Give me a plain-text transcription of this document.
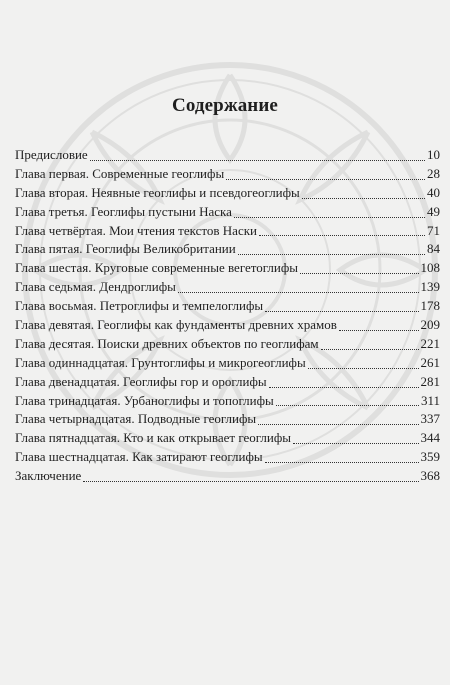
Содержание
Предисловие	10
Глава первая. Современные геоглифы	28
Глава вторая. Неявные геоглифы и псевдогеоглифы	40
Глава третья. Геоглифы пустыни Наска	49
Глава четвёртая. Мои чтения текстов Наски	71
Глава пятая. Геоглифы Великобритании	84
Глава шестая. Круговые современные вегетоглифы	108
Глава седьмая. Дендроглифы	139
Глава восьмая. Петроглифы и темпелоглифы	178
Глава девятая. Геоглифы как фундаменты древних храмов	209
Глава десятая. Поиски древних объектов по геоглифам	221
Глава одиннадцатая. Грунтоглифы и микрогеоглифы	261
Глава двенадцатая. Геоглифы гор и ороглифы	281
Глава тринадцатая. Урбаноглифы и топоглифы	311
Глава четырнадцатая. Подводные геоглифы	337
Глава пятнадцатая. Кто и как открывает геоглифы	344
Глава шестнадцатая. Как затирают геоглифы	359
Заключение	368
